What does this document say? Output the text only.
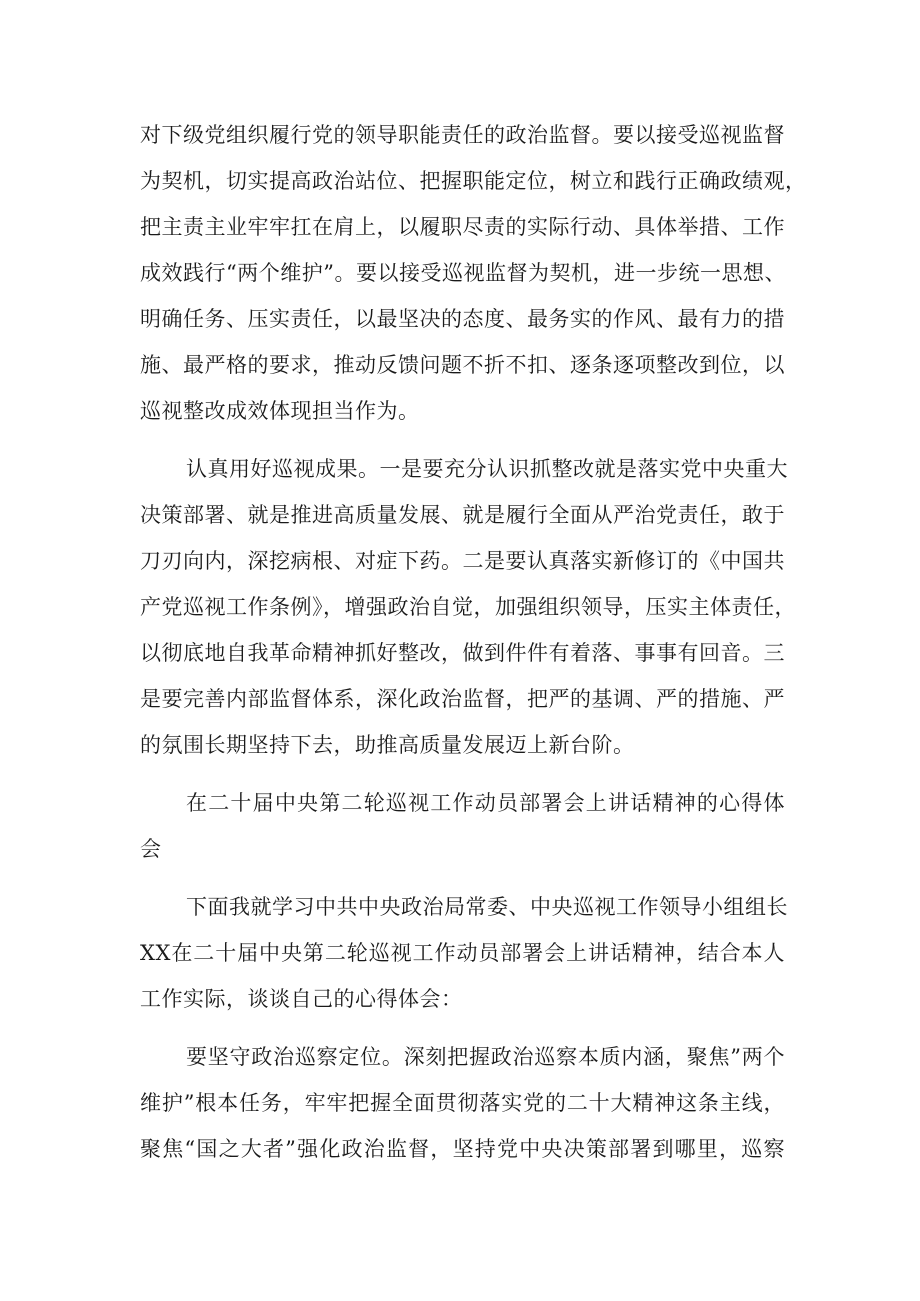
对下级党组织履行党的领导职能责任的政治监督。要以接受巡视监督
为契机，切实提高政治站位、把握职能定位，树立和践行正确政绩观，
把主责主业牢牢扛在肩上，以履职尽责的实际行动、具体举措、工作
成效践行“两个维护”。要以接受巡视监督为契机，进一步统一思想、
明确任务、压实责任，以最坚决的态度、最务实的作风、最有力的措
施、最严格的要求，推动反馈问题不折不扣、逐条逐项整改到位，以
巡视整改成效体现担当作为。
认真用好巡视成果。一是要充分认识抓整改就是落实党中央重大
决策部署、就是推进高质量发展、就是履行全面从严治党责任，敢于
刀刃向内，深挖病根、对症下药。二是要认真落实新修订的《中国共
产党巡视工作条例》，增强政治自觉，加强组织领导，压实主体责任，
以彻底地自我革命精神抓好整改，做到件件有着落、事事有回音。三
是要完善内部监督体系，深化政治监督，把严的基调、严的措施、严
的氛围长期坚持下去，助推高质量发展迈上新台阶。
在二十届中央第二轮巡视工作动员部署会上讲话精神的心得体
会
下面我就学习中共中央政治局常委、中央巡视工作领导小组组长
XX在二十届中央第二轮巡视工作动员部署会上讲话精神，结合本人
工作实际，谈谈自己的心得体会：
要坚守政治巡察定位。深刻把握政治巡察本质内涵，聚焦”两个
维护”根本任务，牢牢把握全面贯彻落实党的二十大精神这条主线，
聚焦“国之大者”强化政治监督，坚持党中央决策部署到哪里，巡察
